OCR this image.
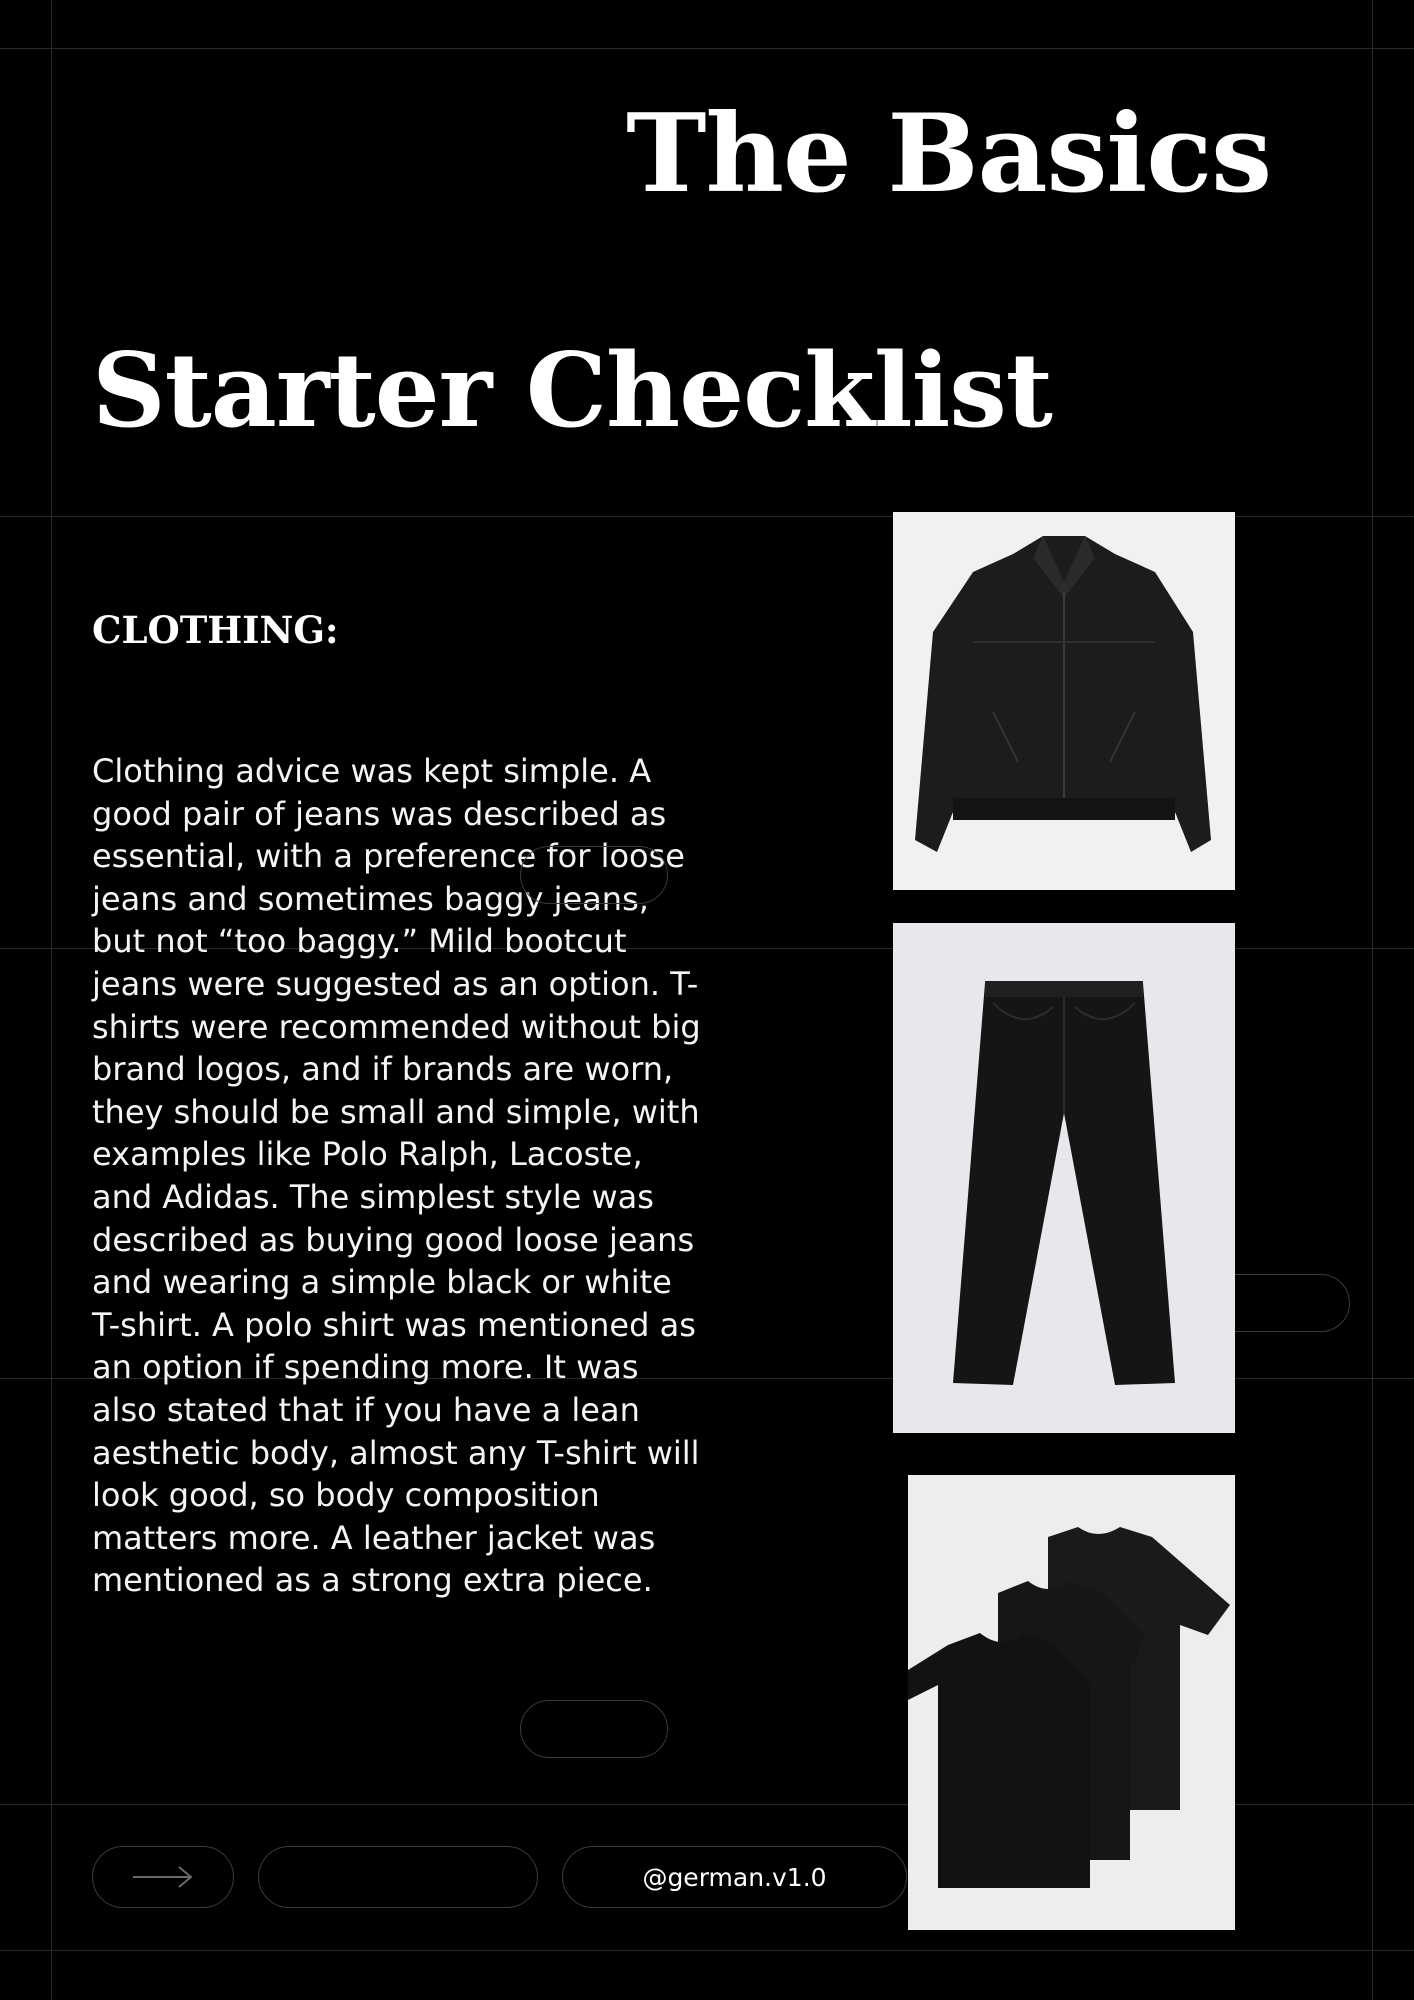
The Basics
Starter Checklist
CLOTHING:

Clothing advice was kept simple. A good pair of jeans was described as essential, with a preference for loose jeans and sometimes baggy jeans, but not “too baggy.” Mild bootcut jeans were suggested as an option. T-shirts were recommended without big brand logos, and if brands are worn, they should be small and simple, with examples like Polo Ralph, Lacoste, and Adidas. The simplest style was described as buying good loose jeans and wearing a simple black or white T-shirt. A polo shirt was mentioned as an option if spending more. It was also stated that if you have a lean aesthetic body, almost any T-shirt will look good, so body composition matters more. A leather jacket was mentioned as a strong extra piece.

@german.v1.0
